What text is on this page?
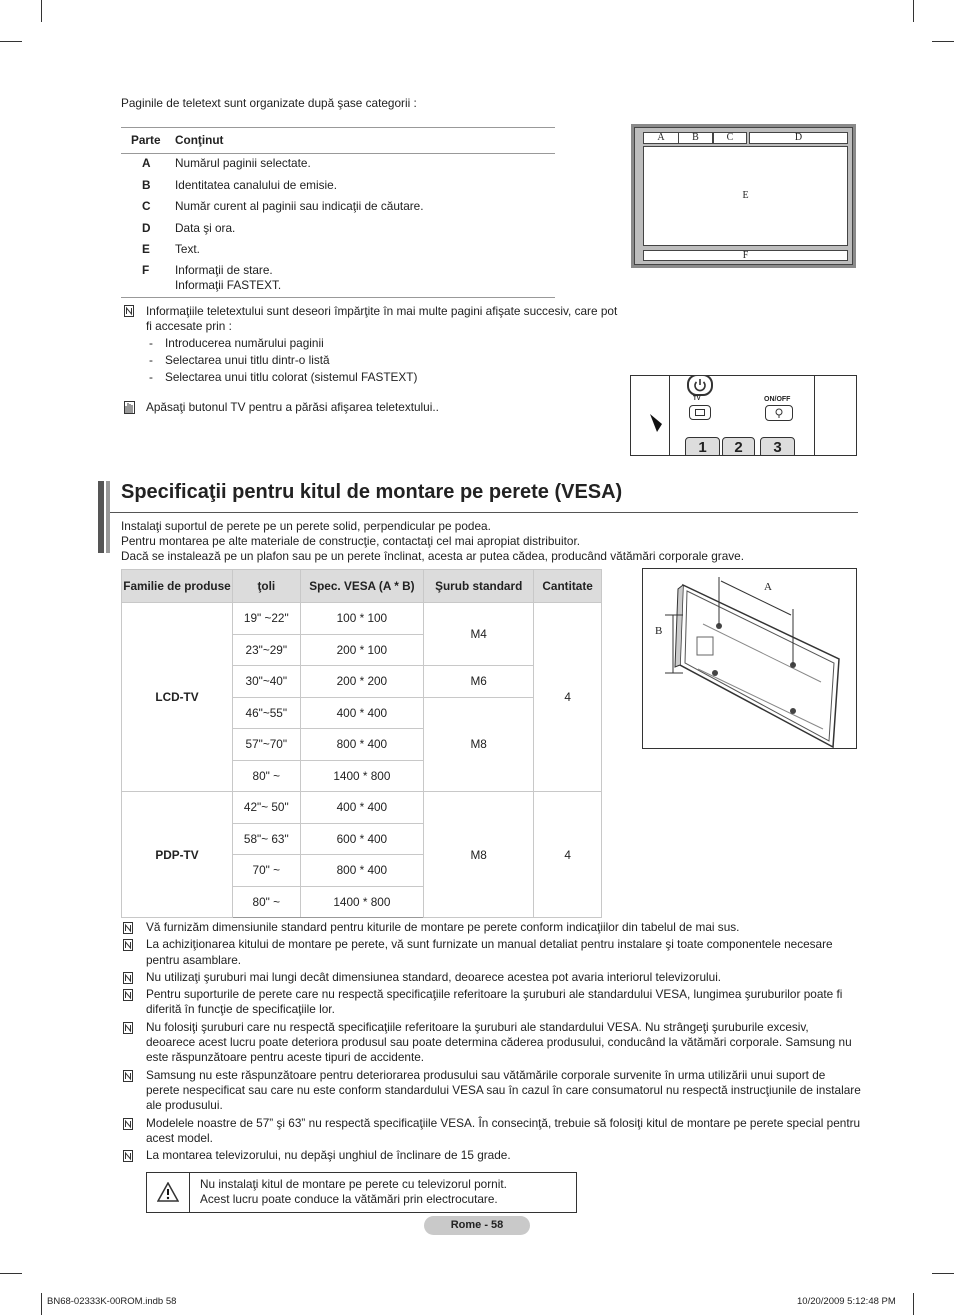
Paginile de teletext sunt organizate după şase categorii :
Parte Conţinut
A Numărul paginii selectate.
B Identitatea canalului de emisie.
C Număr curent al paginii sau indicaţii de căutare.
D Data şi ora.
E Text.
F Informaţii de stare.
Informaţii FASTEXT.
A	B	C	D
E
F
Informaţiile teletextului sunt deseori împărţite în mai multe pagini afişate succesiv, care pot fi accesate prin :
- Introducerea numărului paginii
- Selectarea unui titlu dintr-o listă
- Selectarea unui titlu colorat (sistemul FASTEXT)
Apăsaţi butonul TV pentru a părăsi afişarea teletextului..
TV	ON/OFF
1	2	3
Specificaţii pentru kitul de montare pe perete (VESA)
Instalaţi suportul de perete pe un perete solid, perpendicular pe podea.
Pentru montarea pe alte materiale de construcţie, contactaţi cel mai apropiat distribuitor.
Dacă se instalează pe un plafon sau pe un perete înclinat, acesta ar putea cădea, producând vătămări corporale grave.
Familie de produse	ţoli	Spec. VESA (A * B)	Şurub standard	Cantitate
LCD-TV	19" ~22"	100 * 100	M4	4
	23"~29"	200 * 100		
	30"~40"	200 * 200	M6	
	46"~55"	400 * 400	M8	
	57"~70"	800 * 400		
	80" ~	1400 * 800		
PDP-TV	42"~ 50"	400 * 400	M8	4
	58"~ 63"	600 * 400		
	70" ~	800 * 400		
	80" ~	1400 * 800		
A
B
Vă furnizăm dimensiunile standard pentru kiturile de montare pe perete conform indicaţiilor din tabelul de mai sus.
La achiziţionarea kitului de montare pe perete, vă sunt furnizate un manual detaliat pentru instalare şi toate componentele necesare pentru asamblare.
Nu utilizaţi şuruburi mai lungi decât dimensiunea standard, deoarece acestea pot avaria interiorul televizorului.
Pentru suporturile de perete care nu respectă specificaţiile referitoare la şuruburi ale standardului VESA, lungimea şuruburilor poate fi diferită în funcţie de specificaţiile lor.
Nu folosiţi şuruburi care nu respectă specificaţiile referitoare la şuruburi ale standardului VESA. Nu strângeţi şuruburile excesiv, deoarece acest lucru poate deteriora produsul sau poate determina căderea produsului, conducând la vătămări corporale. Samsung nu este răspunzătoare pentru aceste tipuri de accidente.
Samsung nu este răspunzătoare pentru deteriorarea produsului sau vătămările corporale survenite în urma utilizării unui suport de perete nespecificat sau care nu este conform standardului VESA sau în cazul în care consumatorul nu respectă instrucţiunile de instalare ale produsului.
Modelele noastre de 57” şi 63” nu respectă specificaţiile VESA. În consecinţă, trebuie să folosiţi kitul de montare pe perete special pentru acest model.
La montarea televizorului, nu depăşi unghiul de înclinare de 15 grade.
Nu instalaţi kitul de montare pe perete cu televizorul pornit.
Acest lucru poate conduce la vătămări prin electrocutare.
Rome - 58
BN68-02333K-00ROM.indb 58	10/20/2009 5:12:48 PM
